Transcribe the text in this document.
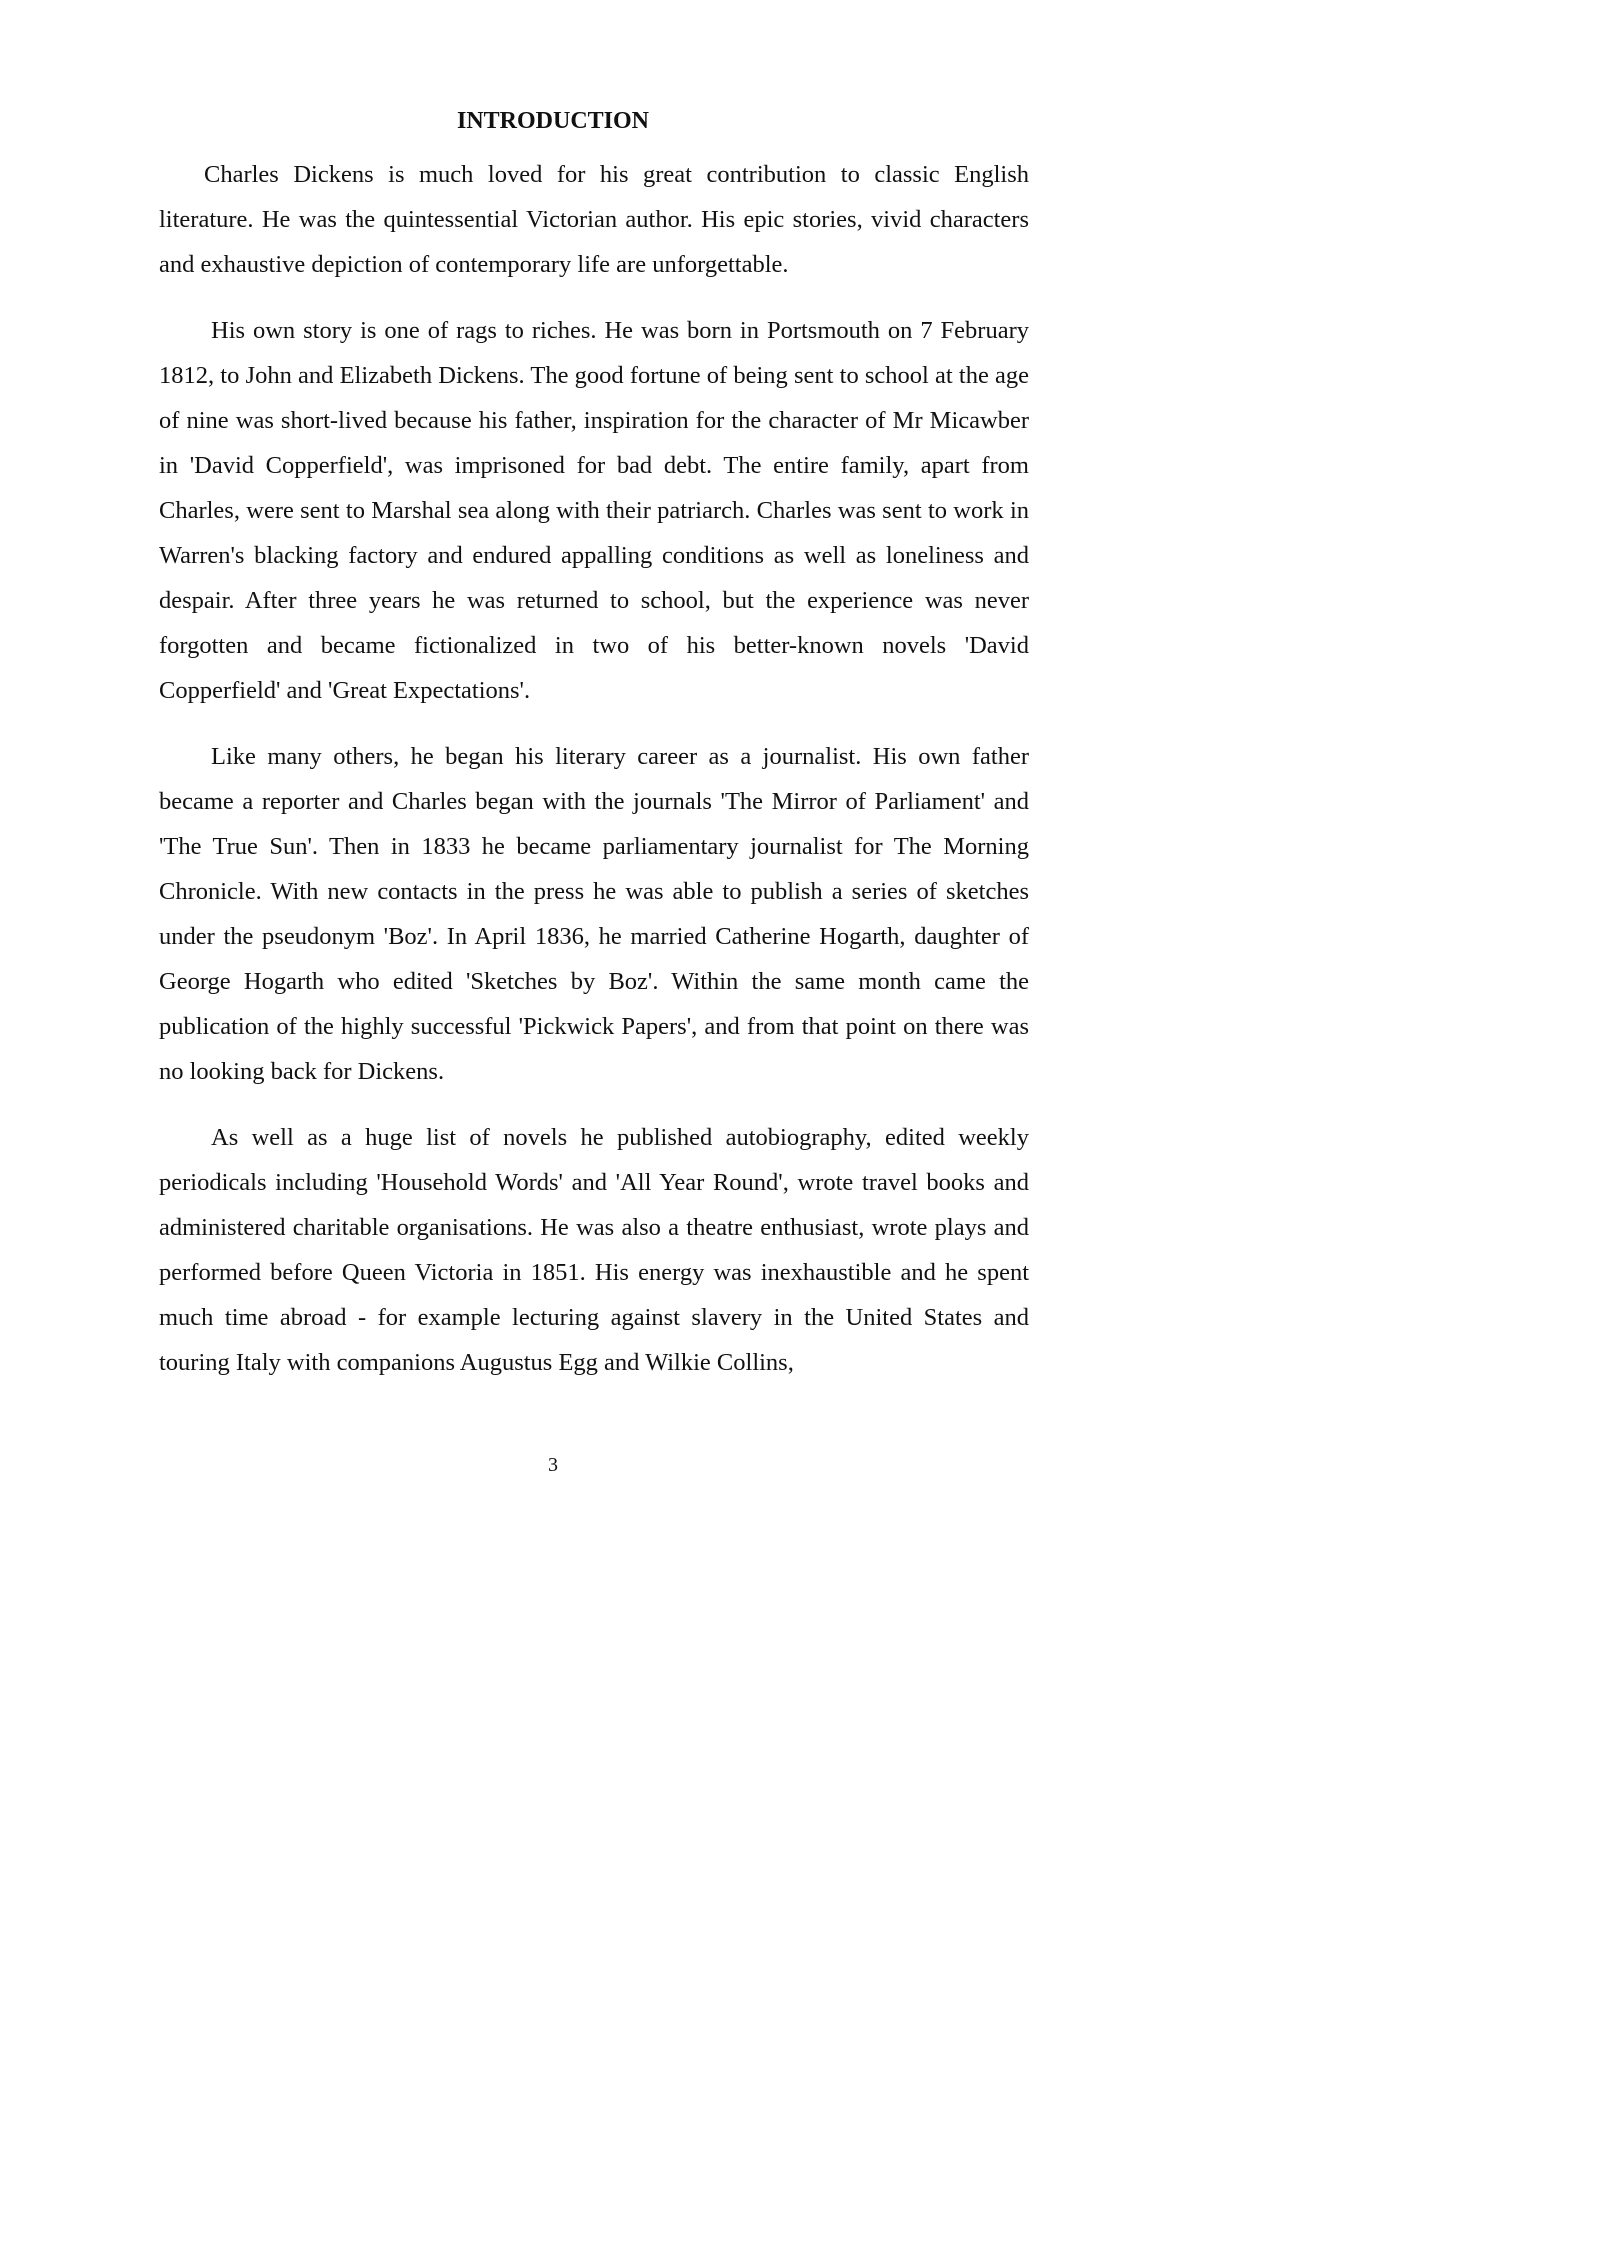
INTRODUCTION

Charles Dickens is much loved for his great contribution to classic English literature. He was the quintessential Victorian author. His epic stories, vivid characters and exhaustive depiction of contemporary life are unforgettable.

His own story is one of rags to riches. He was born in Portsmouth on 7 February 1812, to John and Elizabeth Dickens. The good fortune of being sent to school at the age of nine was short-lived because his father, inspiration for the character of Mr Micawber in 'David Copperfield', was imprisoned for bad debt. The entire family, apart from Charles, were sent to Marshal sea along with their patriarch. Charles was sent to work in Warren's blacking factory and endured appalling conditions as well as loneliness and despair. After three years he was returned to school, but the experience was never forgotten and became fictionalized in two of his better-known novels 'David Copperfield' and 'Great Expectations'.

Like many others, he began his literary career as a journalist. His own father became a reporter and Charles began with the journals 'The Mirror of Parliament' and 'The True Sun'. Then in 1833 he became parliamentary journalist for The Morning Chronicle. With new contacts in the press he was able to publish a series of sketches under the pseudonym 'Boz'. In April 1836, he married Catherine Hogarth, daughter of George Hogarth who edited 'Sketches by Boz'. Within the same month came the publication of the highly successful 'Pickwick Papers', and from that point on there was no looking back for Dickens.

As well as a huge list of novels he published autobiography, edited weekly periodicals including 'Household Words' and 'All Year Round', wrote travel books and administered charitable organisations. He was also a theatre enthusiast, wrote plays and performed before Queen Victoria in 1851. His energy was inexhaustible and he spent much time abroad - for example lecturing against slavery in the United States and touring Italy with companions Augustus Egg and Wilkie Collins,

3
